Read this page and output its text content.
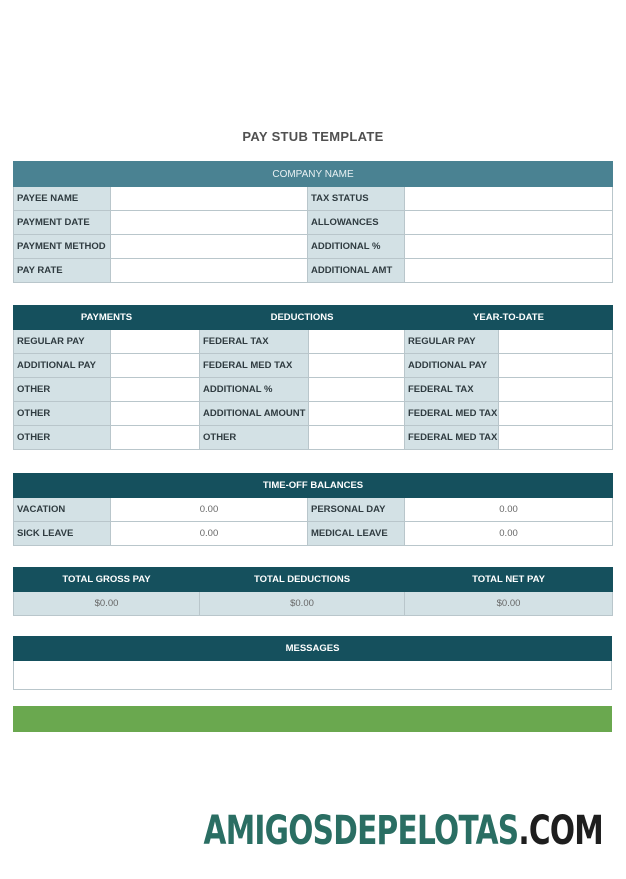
PAY STUB TEMPLATE
COMPANY NAME			
PAYEE NAME		TAX STATUS	
PAYMENT DATE		ALLOWANCES	
PAYMENT METHOD		ADDITIONAL %	
PAY RATE		ADDITIONAL AMT	
PAYMENTS		DEDUCTIONS		YEAR-TO-DATE	
REGULAR PAY		FEDERAL TAX		REGULAR PAY	
ADDITIONAL PAY		FEDERAL MED TAX		ADDITIONAL PAY	
OTHER		ADDITIONAL %		FEDERAL TAX	
OTHER		ADDITIONAL AMOUNT		FEDERAL MED TAX	
OTHER		OTHER		FEDERAL MED TAX	
TIME-OFF BALANCES			
VACATION	0.00	PERSONAL DAY	0.00
SICK LEAVE	0.00	MEDICAL LEAVE	0.00
TOTAL GROSS PAY	TOTAL DEDUCTIONS	TOTAL NET PAY
$0.00	$0.00	$0.00
MESSAGES

AMIGOSDEPELOTAS.COM
